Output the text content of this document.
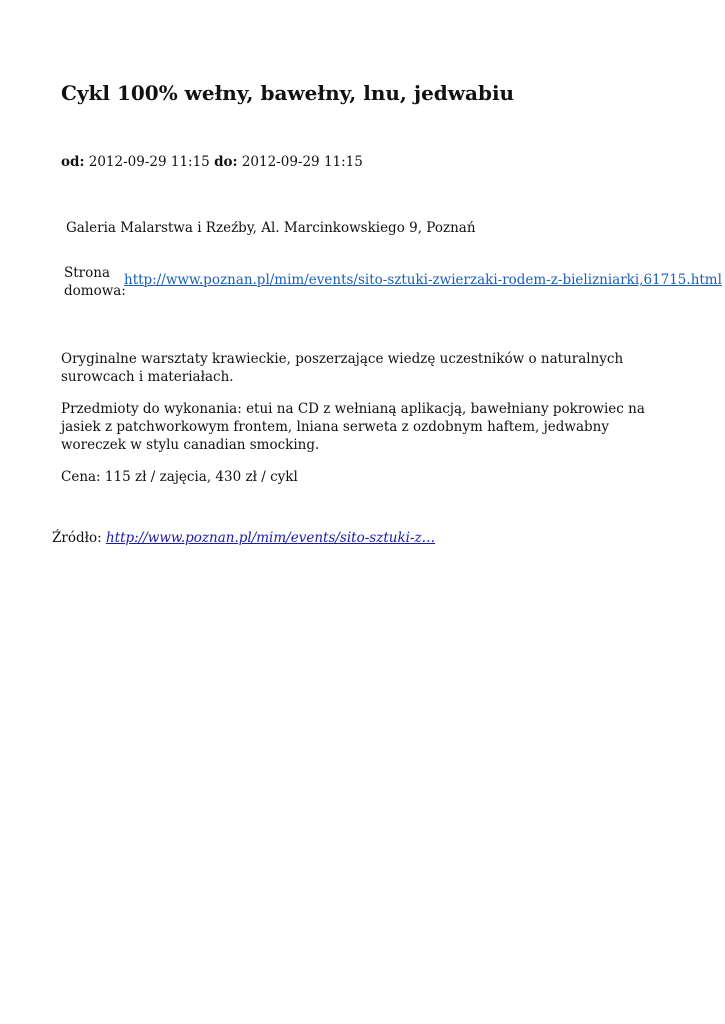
Cykl 100% wełny, bawełny, lnu, jedwabiu
od: 2012-09-29 11:15 do: 2012-09-29 11:15
Galeria Malarstwa i Rzeźby, Al. Marcinkowskiego 9, Poznań
Strona domowa:
http://www.poznan.pl/mim/events/sito-sztuki-zwierzaki-rodem-z-bielizniarki,61715.html

Oryginalne warsztaty krawieckie, poszerzające wiedzę uczestników o naturalnych surowcach i materiałach.

Przedmioty do wykonania: etui na CD z wełnianą aplikacją, bawełniany pokrowiec na jasiek z patchworkowym frontem, lniana serweta z ozdobnym haftem, jedwabny woreczek w stylu canadian smocking.

Cena: 115 zł / zajęcia, 430 zł / cykl

Źródło: http://www.poznan.pl/mim/events/sito-sztuki-z…
